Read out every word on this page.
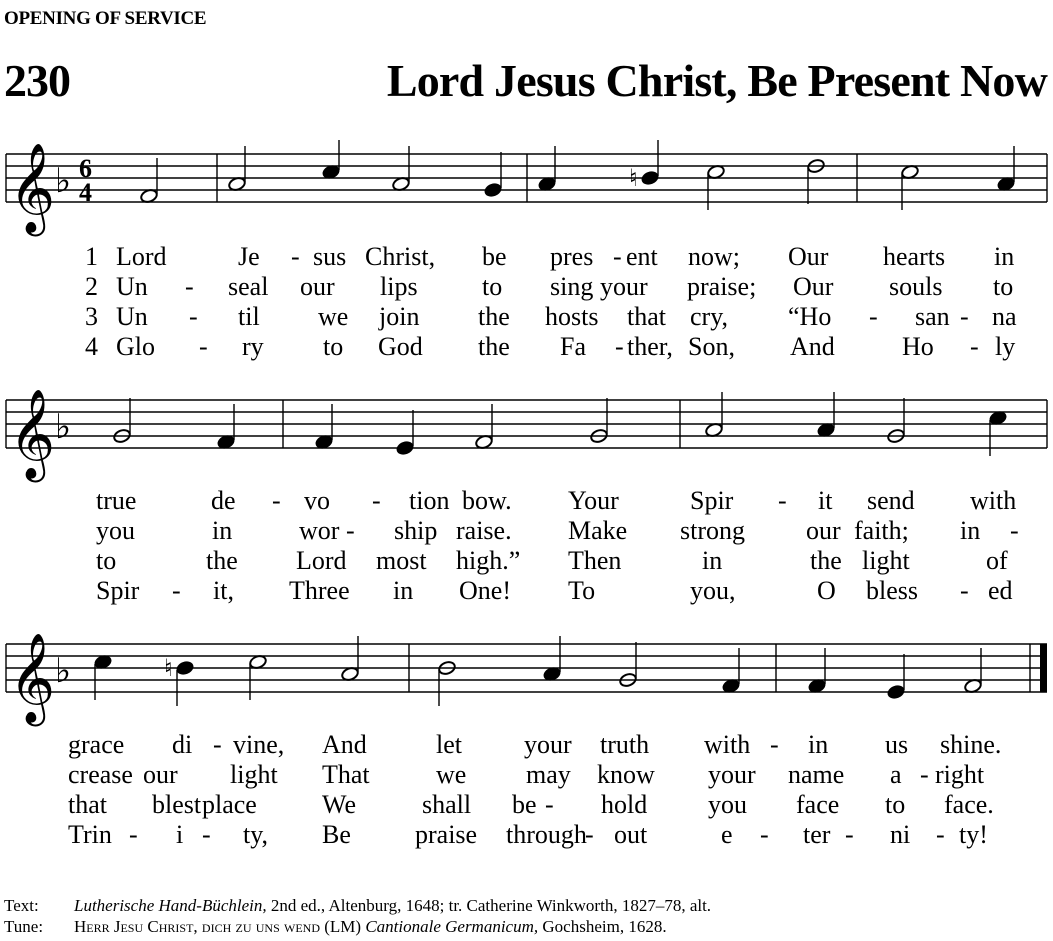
OPENING OF SERVICE
230	Lord Jesus Christ, Be Present Now
𝄞 ♭ 6
4	♮
1
2
3
4
Lord	Je - sus Christ, be pres - ent now; Our hearts in
Un - seal our lips to sing your praise; Our souls to
Un - til we join the hosts that cry, “Ho - san - na
Glo - ry to God the Fa - ther, Son, And	Ho - ly
𝄞 ♭
true	de - vo - tion bow. Your	Spir - it send with
you	in	wor - ship raise. Make strong our faith; in -
to	the Lord most high.” Then	in	the light	of
Spir - it, Three in One! To	you,	O bless - ed
𝄞 ♭	♮
grace di - vine, And	let your truth with - in us shine.
crease our light That	we may know your name a - right
that blest place	We	shall be - hold you face to face.
Trin - i - ty, Be praise through
- out	e - ter - ni - ty!
Text: Lutherische Hand-Büchlein, 2nd ed., Altenburg, 1648; tr. Catherine Winkworth, 1827–78, alt.
Tune: Herr Jesu Christ, dich zu uns wend (LM) Cantionale Germanicum, Gochsheim, 1628.
